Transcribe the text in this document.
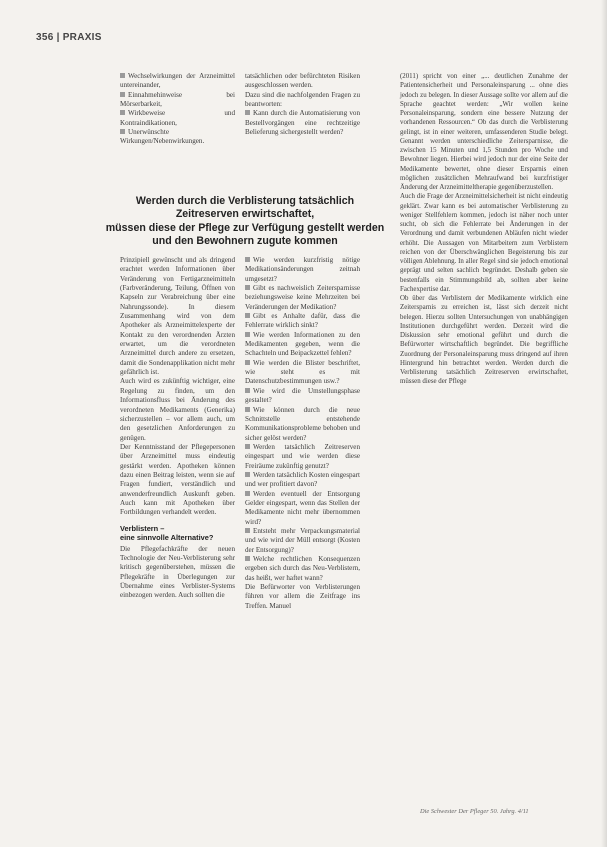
356 | PRAXIS

Wechselwirkungen der Arzneimittel untereinander,

Einnahmehinweise bei Mörserbarkeit,

Wirkbeweise und Kontraindikationen,

Unerwünschte Wirkungen/Nebenwirkungen.

tatsächlichen oder befürchteten Risiken ausgeschlossen werden.

Dazu sind die nachfolgenden Fragen zu beantworten:

Kann durch die Automatisierung von Bestellvorgängen eine rechtzeitige Belieferung sichergestellt werden?

Werden durch die Verblisterung tatsächlich
Zeitreserven erwirtschaftet,
müssen diese der Pflege zur Verfügung gestellt werden
und den Bewohnern zugute kommen

Prinzipiell gewünscht und als dringend erachtet werden Informationen über Veränderung von Fertigarzneimitteln (Farbveränderung, Teilung, Öffnen von Kapseln zur Verabreichung über eine Nahrungssonde). In diesem Zusammenhang wird von dem Apotheker als Arzneimittelexperte der Kontakt zu den verordnenden Ärzten erwartet, um die verordneten Arzneimittel durch andere zu ersetzen, damit die Sondenapplikation nicht mehr gefährlich ist.

Auch wird es zukünftig wichtiger, eine Regelung zu finden, um den Informationsfluss bei Änderung des verordneten Medikaments (Generika) sicherzustellen – vor allem auch, um den gesetzlichen Anforderungen zu genügen.

Der Kenntnisstand der Pflegepersonen über Arzneimittel muss eindeutig gestärkt werden. Apotheken können dazu einen Beitrag leisten, wenn sie auf Fragen fundiert, verständlich und anwenderfreundlich Auskunft geben. Auch kann mit Apotheken über Fortbildungen verhandelt werden.

Verblistern –
eine sinnvolle Alternative?

Die Pflegefachkräfte der neuen Technologie der Neu-Verblisterung sehr kritisch gegenüberstehen, müssen die Pflegekräfte in Überlegungen zur Übernahme eines Verblister-Systems einbezogen werden. Auch sollten die

Wie werden kurzfristig nötige Medikationsänderungen zeitnah umgesetzt?

Gibt es nachweislich Zeitersparnisse beziehungsweise keine Mehrzeiten bei Veränderungen der Medikation?

Gibt es Anhalte dafür, dass die Fehlerrate wirklich sinkt?

Wie werden Informationen zu den Medikamenten gegeben, wenn die Schachteln und Beipackzettel fehlen?

Wie werden die Blister beschriftet, wie steht es mit Datenschutzbestimmungen usw.?

Wie wird die Umstellungsphase gestaltet?

Wie können durch die neue Schnittstelle entstehende Kommunikationsprobleme behoben und sicher gelöst werden?

Werden tatsächlich Zeitreserven eingespart und wie werden diese Freiräume zukünftig genutzt?

Werden tatsächlich Kosten eingespart und wer profitiert davon?

Werden eventuell der Entsorgung Gelder eingespart, wenn das Stellen der Medikamente nicht mehr übernommen wird?

Entsteht mehr Verpackungsmaterial und wie wird der Müll entsorgt (Kosten der Entsorgung)?

Welche rechtlichen Konsequenzen ergeben sich durch das Neu-Verblistern, das heißt, wer haftet wann?

Die Befürworter von Verblisterungen führen vor allem die Zeitfrage ins Treffen. Manuel

(2011) spricht von einer „... deutlichen Zunahme der Patientensicherheit und Personaleinsparung ... ohne dies jedoch zu belegen. In dieser Aussage sollte vor allem auf die Sprache geachtet werden: „Wir wollen keine Personaleinsparung, sondern eine bessere Nutzung der vorhandenen Ressourcen.“ Ob das durch die Verblisterung gelingt, ist in einer weiteren, umfassenderen Studie belegt. Genannt werden unterschiedliche Zeitersparnisse, die zwischen 15 Minuten und 1,5 Stunden pro Woche und Bewohner liegen. Hierbei wird jedoch nur der eine Seite der Medikamente bewertet, ohne dieser Ersparnis einen möglichen zusätzlichen Mehraufwand bei kurzfristiger Änderung der Arzneimitteltherapie gegenüberzustellen.

Auch die Frage der Arzneimittelsicherheit ist nicht eindeutig geklärt. Zwar kann es bei automatischer Verblisterung zu weniger Stellfehlern kommen, jedoch ist näher noch unter sucht, ob sich die Fehlerrate bei Änderungen in der Verordnung und damit verbundenen Abläufen nicht wieder erhöht. Die Aussagen von Mitarbeitern zum Verblistern reichen von der Überschwänglichen Begeisterung bis zur völligen Ablehnung. In aller Regel sind sie jedoch emotional geprägt und selten sachlich begründet. Deshalb geben sie bestenfalls ein Stimmungsbild ab, sollten aber keine Fachexpertise dar.

Ob über das Verblistern der Medikamente wirklich eine Zeitersparnis zu erreichen ist, lässt sich derzeit nicht belegen. Hierzu sollten Untersuchungen von unabhängigen Institutionen durchgeführt werden. Derzeit wird die Diskussion sehr emotional geführt und durch die Befürworter wirtschaftlich begründet. Die begriffliche Zuordnung der Personaleinsparung muss dringend auf ihren Hintergrund hin betrachtet werden. Werden durch die Verblisterung tatsächlich Zeitreserven erwirtschaftet, müssen diese der Pflege

Die Schwester Der Pfleger 50. Jahrg. 4/11
